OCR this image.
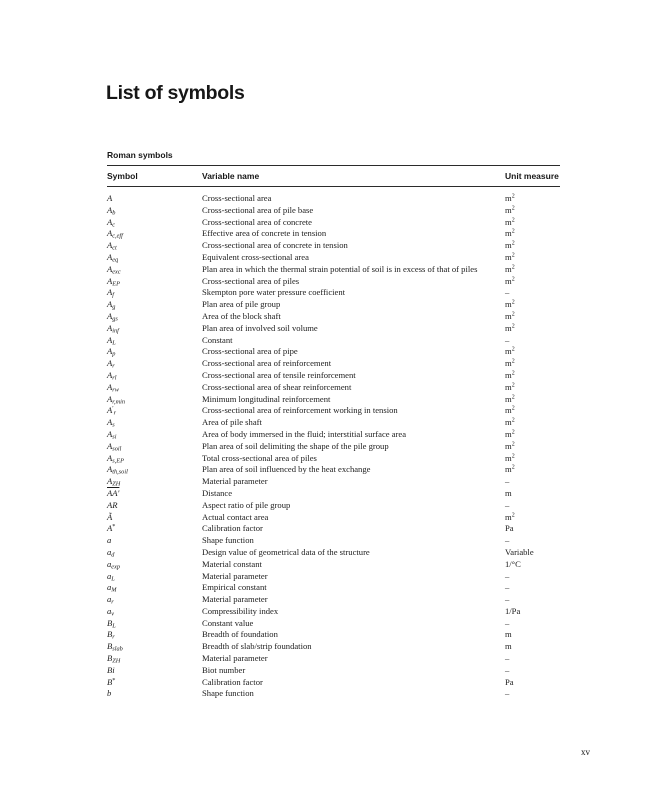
List of symbols
Roman symbols
Symbol	Variable name	Unit measure
A	Cross-sectional area	$m^2$
$A_b$	Cross-sectional area of pile base	$m^2$
$A_c$	Cross-sectional area of concrete	$m^2$
$A_{c,eff}$	Effective area of concrete in tension	$m^2$
$A_{ct}$	Cross-sectional area of concrete in tension	$m^2$
$A_{eq}$	Equivalent cross-sectional area	$m^2$
$A_{exc}$	Plan area in which the thermal strain potential of soil is in excess of that of piles	$m^2$
$A_{EP}$	Cross-sectional area of piles	$m^2$
$A_f$	Skempton pore water pressure coefficient	–
$A_g$	Plan area of pile group	$m^2$
$A_{gs}$	Area of the block shaft	$m^2$
$A_{inf}$	Plan area of involved soil volume	$m^2$
$A_L$	Constant	–
$A_p$	Cross-sectional area of pipe	$m^2$
$A_r$	Cross-sectional area of reinforcement	$m^2$
$A_{rl}$	Cross-sectional area of tensile reinforcement	$m^2$
$A_{rw}$	Cross-sectional area of shear reinforcement	$m^2$
$A_{r,min}$	Minimum longitudinal reinforcement	$m^2$
$A'_r$	Cross-sectional area of reinforcement working in tension	$m^2$
$A_s$	Area of pile shaft	$m^2$
$A_{si}$	Area of body immersed in the fluid; interstitial surface area	$m^2$
$A_{soil}$	Plan area of soil delimiting the shape of the pile group	$m^2$
$A_{s,EP}$	Total cross-sectional area of piles	$m^2$
$A_{th,soil}$	Plan area of soil influenced by the heat exchange	$m^2$
$A_{ZH}$	Material parameter	–
AA′	Distance	m
AR	Aspect ratio of pile group	–
Ã	Actual contact area	$m^2$
A*	Calibration factor	Pa
a	Shape function	–
$a_d$	Design value of geometrical data of the structure	Variable
$a_{exp}$	Material constant	1/°C
$a_L$	Material parameter	–
$a_M$	Empirical constant	–
$a_r$	Material parameter	–
$a_v$	Compressibility index	1/Pa
$B_L$	Constant value	–
$B_r$	Breadth of foundation	m
$B_{slab}$	Breadth of slab/strip foundation	m
$B_{ZH}$	Material parameter	–
Bi	Biot number	–
B*	Calibration factor	Pa
b	Shape function	–
xv
